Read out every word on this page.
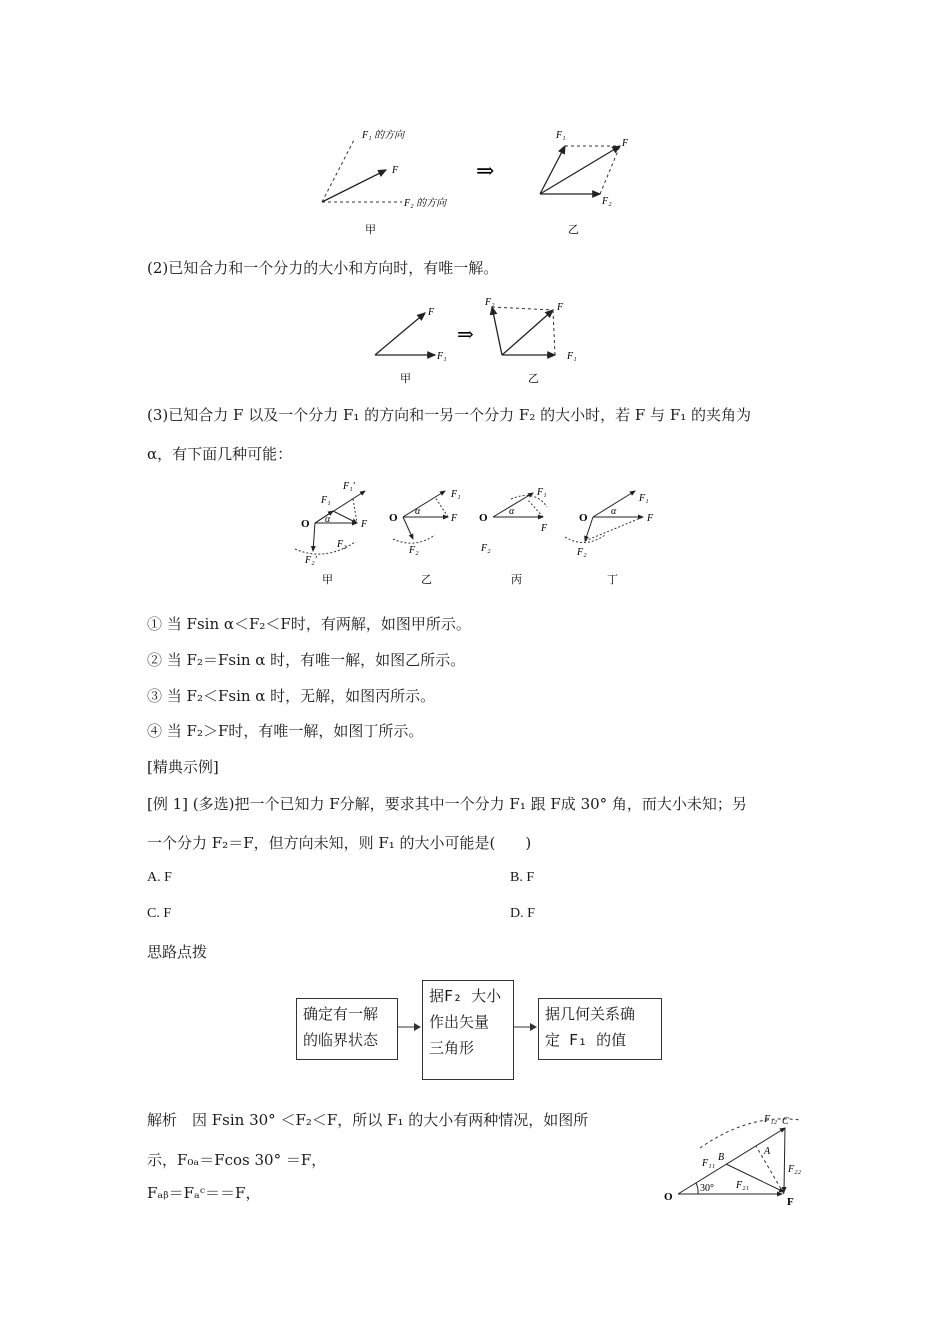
F₁ 的方向
F
F₂ 的方向
甲
⇒
F₁
F
F₂
乙
(2)已知合力和一个分力的大小和方向时，有唯一解。
F
F₁
甲
⇒
F₂	F
F₁
乙
(3)已知合力 F 以及一个分力 F₁ 的方向和一另一个分力 F₂ 的大小时，若 F 与 F₁ 的夹角为
α，有下面几种可能：
O
F₁
F₁′
F
F₂
F₂′
α
甲
O
F₁
F
F₂
α
乙
O
F₁
F
F₂
α
丙
O
F₁
F
F₂
α
丁
① 当 Fsin α＜F₂＜F时，有两解，如图甲所示。
② 当 F₂＝Fsin α 时，有唯一解，如图乙所示。
③ 当 F₂＜Fsin α 时，无解，如图丙所示。
④ 当 F₂＞F时，有唯一解，如图丁所示。
[精典示例]
[例 1] (多选)把一个已知力 F分解，要求其中一个分力 F₁ 跟 F成 30° 角，而大小未知；另
一个分力 F₂＝F，但方向未知，则 F₁ 的大小可能是(　　)
A. F	B. F
C. F	D. F
思路点拨
确定有一解
的临界状态
据F₂ 大小
作出矢量
三角形
据几何关系确
定 F₁ 的值
解析　因 Fsin 30° ＜F₂＜F，所以 F₁ 的大小有两种情况，如图所
示，F₀ₐ＝Fcos 30° ＝F，
Fₐᵦ＝Fₐᶜ＝＝F，	O	F
B
A
C
F₁₂
F₁₁
F₂₁
F₂₂
30°
